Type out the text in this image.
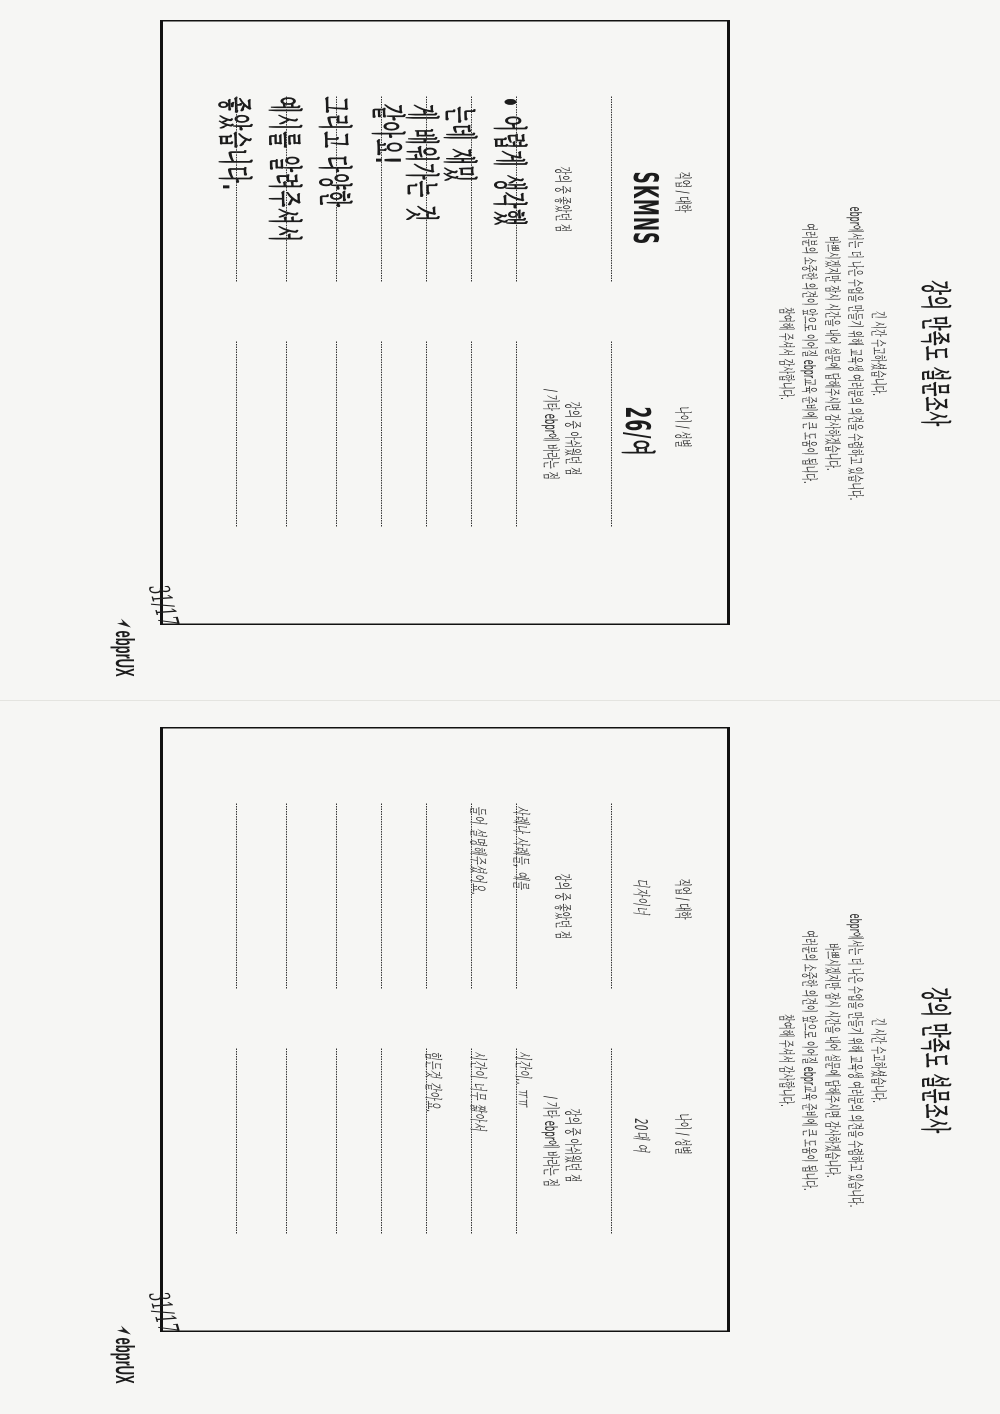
강의 만족도 설문조사
긴 시간 수고하셨습니다.
ebpr에서는 더 나은 수업을 만들기 위해 교육생 여러분의 의견을 수렴하고 있습니다.
바쁘시겠지만 잠시 시간을 내어 설문에 답해주시면 감사하겠습니다.
여러분의 소중한 의견이 앞으로 이어질 ebpr교육 준비에 큰 도움이 됩니다.
참여해 주셔서 감사합니다.
직업 / 대학
나이 / 성별
SKMNS
26/여
강의 중 좋았던 점
강의 중 아쉬웠던 점
/ 기타 ebpr에 바라는 점
• 어렵게 생각했
는데 재밌
게 배워가는 것
같아요!
그리고 다양한
예시를 알려주셔서
좋았습니다.
31/17
ebprUX
강의 만족도 설문조사
긴 시간 수고하셨습니다.
ebpr에서는 더 나은 수업을 만들기 위해 교육생 여러분의 의견을 수렴하고 있습니다.
바쁘시겠지만 잠시 시간을 내어 설문에 답해주시면 감사하겠습니다.
여러분의 소중한 의견이 앞으로 이어질 ebpr교육 준비에 큰 도움이 됩니다.
참여해 주셔서 감사합니다.
직업 / 대학
나이 / 성별
디자이너
20대 여
강의 중 좋았던 점
강의 중 아쉬웠던 점
/ 기타 ebpr에 바라는 점
사례나 사례들, 예를
들어 설명해주셨어요.
시간이.. ㅠㅠ
시간이 너무 짧아서
힘든것 같아요.
31/17
ebprUX
